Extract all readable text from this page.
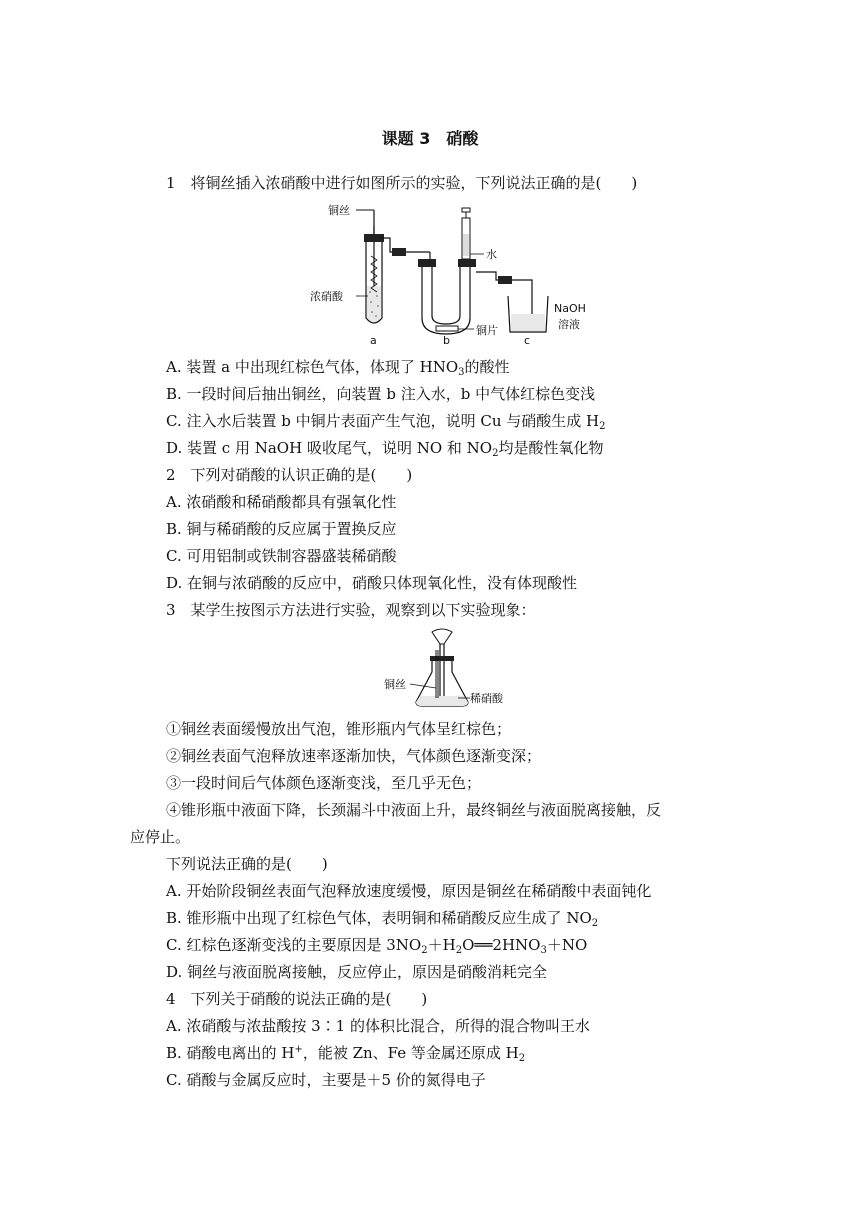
课题 3　硝酸
1　将铜丝插入浓硝酸中进行如图所示的实验，下列说法正确的是(　　)
铜丝
浓硝酸
a
铜片
b
水
NaOH
溶液
c
A. 装置 a 中出现红棕色气体，体现了 $HNO_3$的酸性
B. 一段时间后抽出铜丝，向装置 b 注入水，b 中气体红棕色变浅
C. 注入水后装置 b 中铜片表面产生气泡，说明 Cu 与硝酸生成 $H_2$
D. 装置 c 用 NaOH 吸收尾气，说明 NO 和 $NO_2$均是酸性氧化物
2　下列对硝酸的认识正确的是(　　)
A. 浓硝酸和稀硝酸都具有强氧化性
B. 铜与稀硝酸的反应属于置换反应
C. 可用铝制或铁制容器盛装稀硝酸
D. 在铜与浓硝酸的反应中，硝酸只体现氧化性，没有体现酸性
3　某学生按图示方法进行实验，观察到以下实验现象：
铜丝
稀硝酸
①铜丝表面缓慢放出气泡，锥形瓶内气体呈红棕色；
②铜丝表面气泡释放速率逐渐加快，气体颜色逐渐变深；
③一段时间后气体颜色逐渐变浅，至几乎无色；
④锥形瓶中液面下降，长颈漏斗中液面上升，最终铜丝与液面脱离接触，反
应停止。
下列说法正确的是(　　)
A. 开始阶段铜丝表面气泡释放速度缓慢，原因是铜丝在稀硝酸中表面钝化
B. 锥形瓶中出现了红棕色气体，表明铜和稀硝酸反应生成了 $NO_2$
C. 红棕色逐渐变浅的主要原因是 $3NO_2+H_2O══2HNO_3+NO$
D. 铜丝与液面脱离接触，反应停止，原因是硝酸消耗完全
4　下列关于硝酸的说法正确的是(　　)
A. 浓硝酸与浓盐酸按 3∶1 的体积比混合，所得的混合物叫王水
B. 硝酸电离出的 H+，能被 Zn、Fe 等金属还原成 $H_2$
C. 硝酸与金属反应时，主要是＋5 价的氮得电子
